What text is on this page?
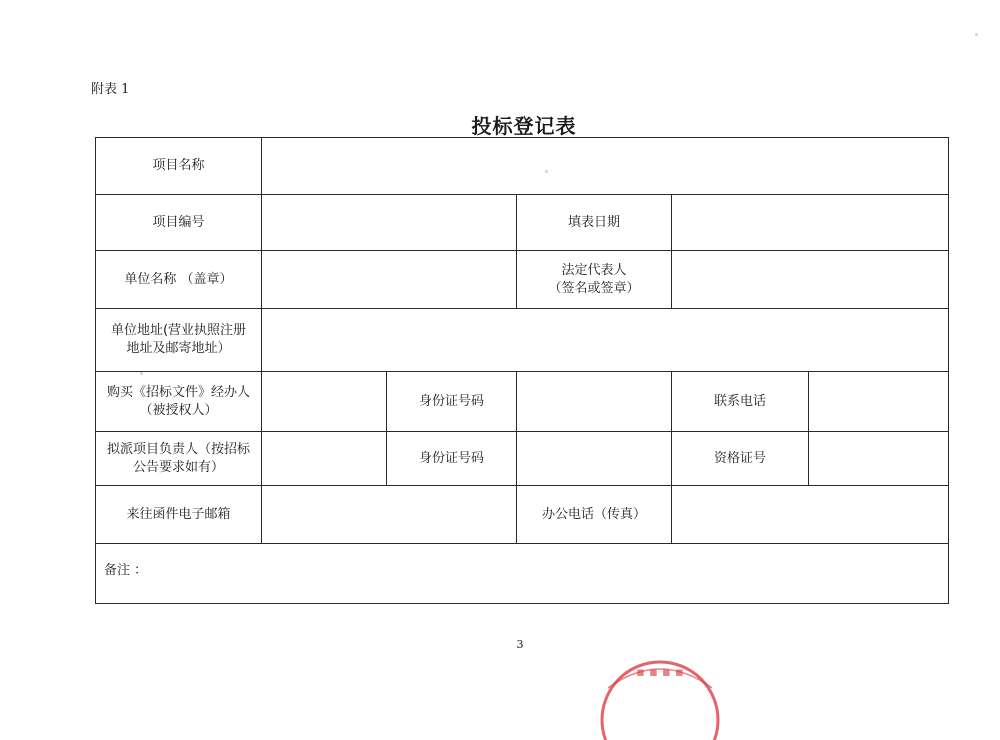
附表 1
投标登记表
项目名称					
项目编号			填表日期		
单位名称 （盖章）			法定代表人
（签名或签章）		

单位地址(营业执照注册
地址及邮寄地址）					

购买《招标文件》经办人
（被授权人）		身份证号码		联系电话	

拟派项目负责人（按招标
公告要求如有）		身份证号码		资格证号	
来往函件电子邮箱			办公电话（传真）		
备注 ：					
3
▪ ▪ ▪ ▪
